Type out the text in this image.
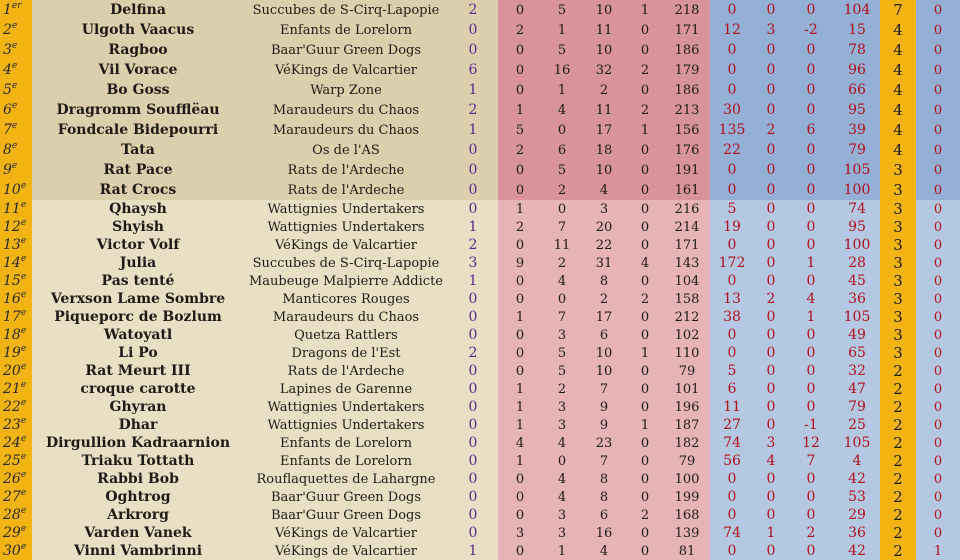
1er	Delfina	Succubes de S-Cirq-Lapopie	2	0	5	10	1	218	0	0	0	104	7	0
2e	Ulgoth Vaacus	Enfants de Lorelorn	0	2	1	11	0	171	12	3	-2	15	4	0
3e	Ragboo	Baar'Guur Green Dogs	0	0	5	10	0	186	0	0	0	78	4	0
4e	Vil Vorace	VéKings de Valcartier	6	0	16	32	2	179	0	0	0	96	4	0
5e	Bo Goss	Warp Zone	1	0	1	2	0	186	0	0	0	66	4	0
6e	Dragromm Soufflëau	Maraudeurs du Chaos	2	1	4	11	2	213	30	0	0	95	4	0
7e	Fondcale Bidepourri	Maraudeurs du Chaos	1	5	0	17	1	156	135	2	6	39	4	0
8e	Tata	Os de l'AS	0	2	6	18	0	176	22	0	0	79	4	0
9e	Rat Pace	Rats de l'Ardeche	0	0	5	10	0	191	0	0	0	105	3	0
10e	Rat Crocs	Rats de l'Ardeche	0	0	2	4	0	161	0	0	0	100	3	0
11e	Qhaysh	Wattignies Undertakers	0	1	0	3	0	216	5	0	0	74	3	0
12e	Shyish	Wattignies Undertakers	1	2	7	20	0	214	19	0	0	95	3	0
13e	Victor Volf	VéKings de Valcartier	2	0	11	22	0	171	0	0	0	100	3	0
14e	Julia	Succubes de S-Cirq-Lapopie	3	9	2	31	4	143	172	0	1	28	3	0
15e	Pas tenté	Maubeuge Malpierre Addicte	1	0	4	8	0	104	0	0	0	45	3	0
16e	Verxson Lame Sombre	Manticores Rouges	0	0	0	2	2	158	13	2	4	36	3	0
17e	Piqueporc de Bozlum	Maraudeurs du Chaos	0	1	7	17	0	212	38	0	1	105	3	0
18e	Watoyatl	Quetza Rattlers	0	0	3	6	0	102	0	0	0	49	3	0
19e	Li Po	Dragons de l'Est	2	0	5	10	1	110	0	0	0	65	3	0
20e	Rat Meurt III	Rats de l'Ardeche	0	0	5	10	0	79	5	0	0	32	2	0
21e	croque carotte	Lapines de Garenne	0	1	2	7	0	101	6	0	0	47	2	0
22e	Ghyran	Wattignies Undertakers	0	1	3	9	0	196	11	0	0	79	2	0
23e	Dhar	Wattignies Undertakers	0	1	3	9	1	187	27	0	-1	25	2	0
24e	Dirgullion Kadraarnion	Enfants de Lorelorn	0	4	4	23	0	182	74	3	12	105	2	0
25e	Triaku Tottath	Enfants de Lorelorn	0	1	0	7	0	79	56	4	7	4	2	0
26e	Rabbi Bob	Rouflaquettes de Lahargne	0	0	4	8	0	100	0	0	0	42	2	0
27e	Oghtrog	Baar'Guur Green Dogs	0	0	4	8	0	199	0	0	0	53	2	0
28e	Arkrorg	Baar'Guur Green Dogs	0	0	3	6	2	168	0	0	0	29	2	0
29e	Varden Vanek	VéKings de Valcartier	0	3	3	16	0	139	74	1	2	36	2	0
30e	Vinni Vambrinni	VéKings de Valcartier	1	0	1	4	0	81	0	0	0	42	2	1
